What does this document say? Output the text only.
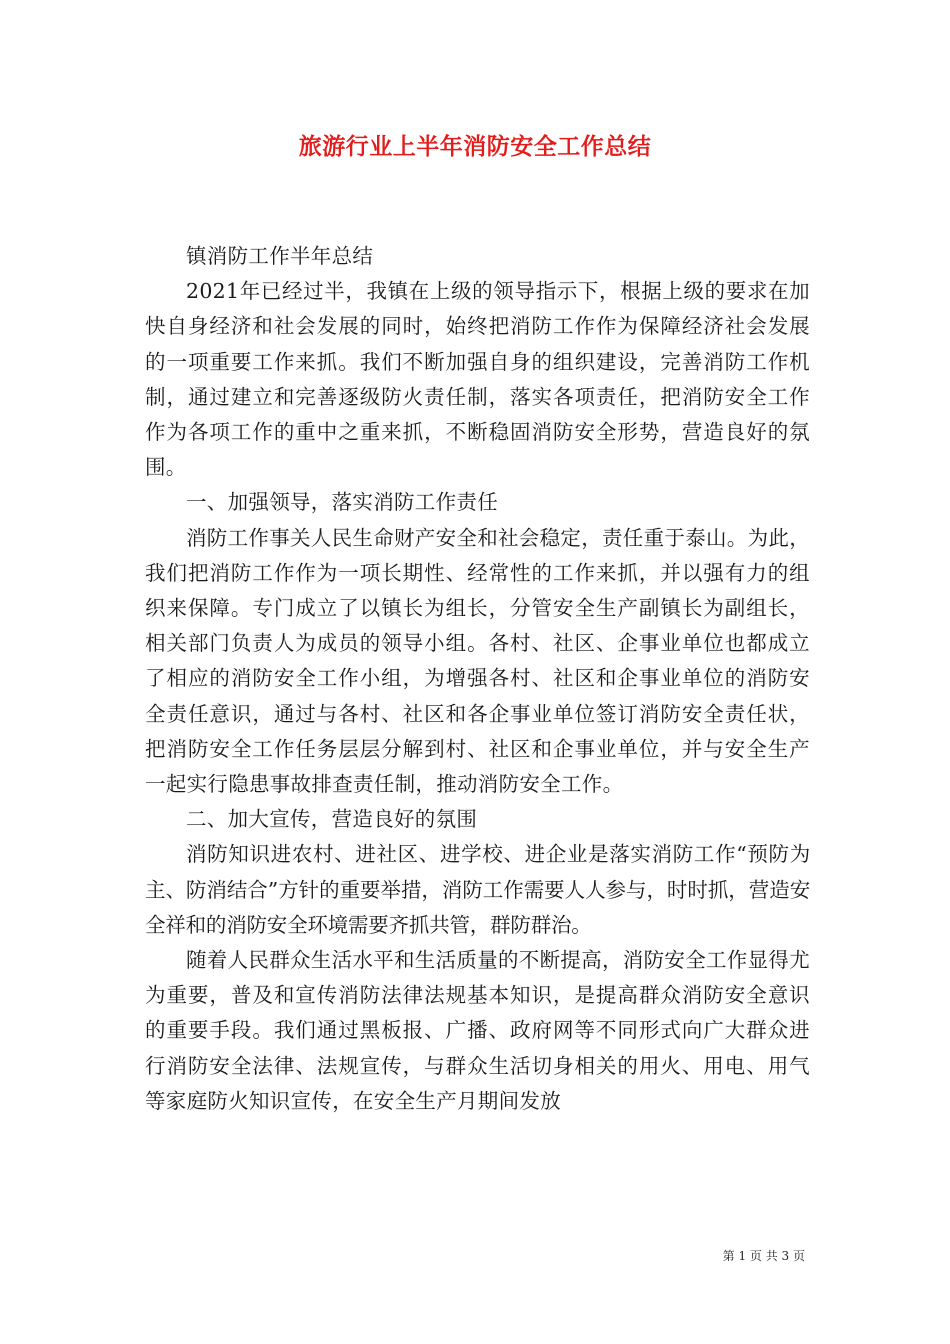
旅游行业上半年消防安全工作总结

镇消防工作半年总结

2021年已经过半，我镇在上级的领导指示下，根据上级的要求在加快自身经济和社会发展的同时，始终把消防工作作为保障经济社会发展的一项重要工作来抓。我们不断加强自身的组织建设，完善消防工作机制，通过建立和完善逐级防火责任制，落实各项责任，把消防安全工作作为各项工作的重中之重来抓，不断稳固消防安全形势，营造良好的氛围。

一、加强领导，落实消防工作责任

消防工作事关人民生命财产安全和社会稳定，责任重于泰山。为此，我们把消防工作作为一项长期性、经常性的工作来抓，并以强有力的组织来保障。专门成立了以镇长为组长，分管安全生产副镇长为副组长，相关部门负责人为成员的领导小组。各村、社区、企事业单位也都成立了相应的消防安全工作小组，为增强各村、社区和企事业单位的消防安全责任意识，通过与各村、社区和各企事业单位签订消防安全责任状，把消防安全工作任务层层分解到村、社区和企事业单位，并与安全生产一起实行隐患事故排查责任制，推动消防安全工作。

二、加大宣传，营造良好的氛围

消防知识进农村、进社区、进学校、进企业是落实消防工作“预防为主、防消结合”方针的重要举措，消防工作需要人人参与，时时抓，营造安全祥和的消防安全环境需要齐抓共管，群防群治。

随着人民群众生活水平和生活质量的不断提高，消防安全工作显得尤为重要，普及和宣传消防法律法规基本知识，是提高群众消防安全意识的重要手段。我们通过黑板报、广播、政府网等不同形式向广大群众进行消防安全法律、法规宣传，与群众生活切身相关的用火、用电、用气等家庭防火知识宣传，在安全生产月期间发放

第 1 页 共 3 页
